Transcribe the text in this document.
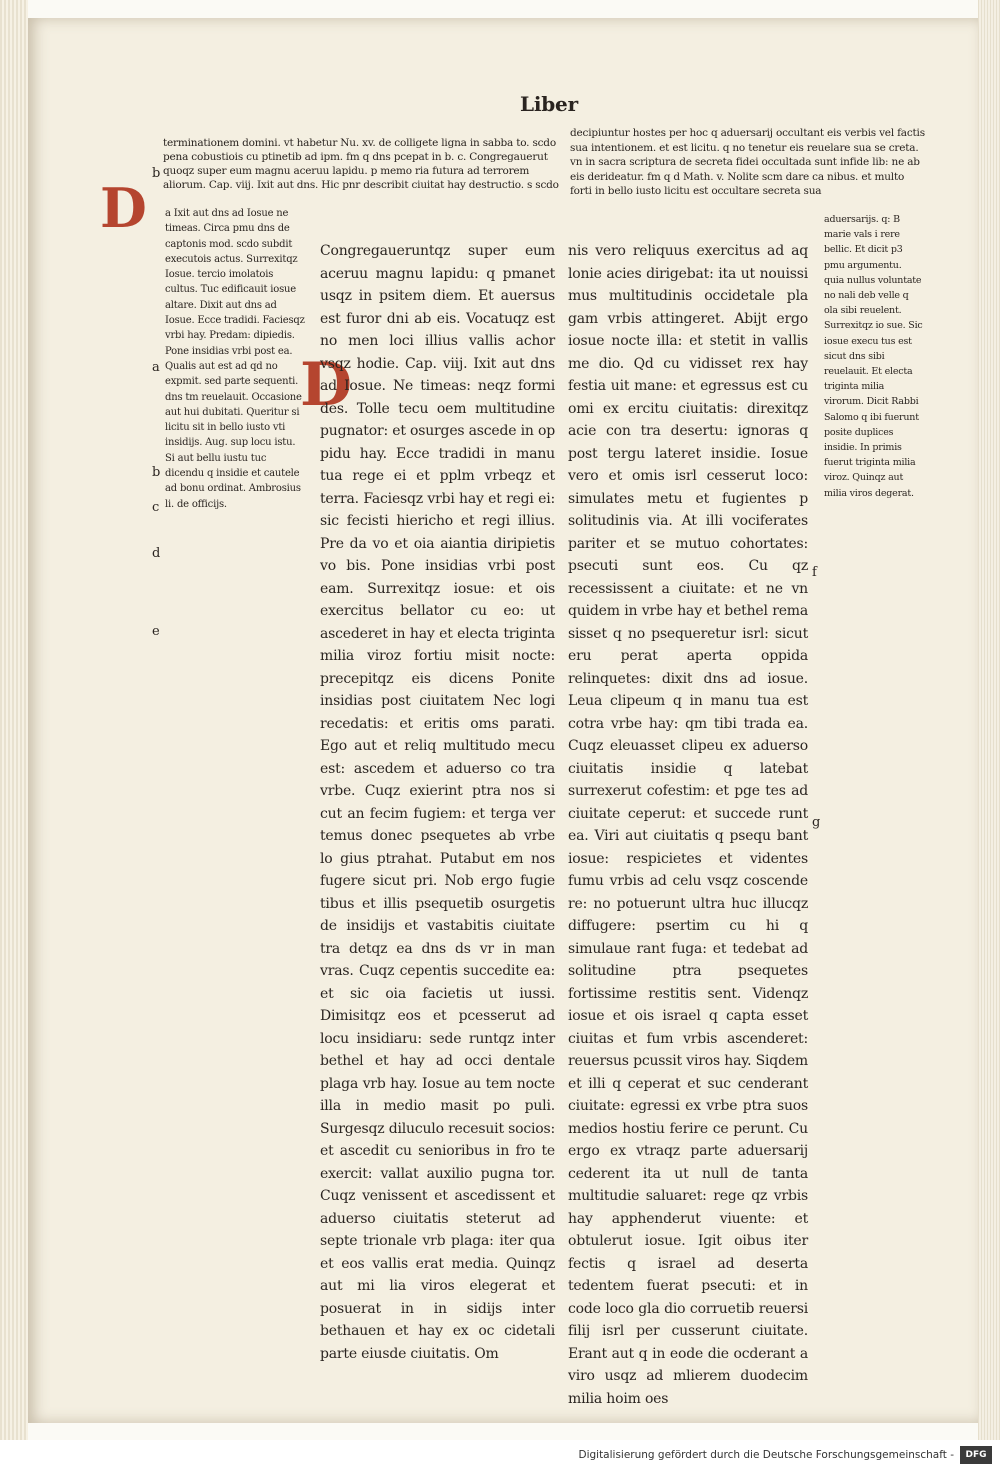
Liber
terminationem domini. vt habetur Nu. xv. de colligete ligna in sabba to. scdo pena cobustiois cu ptinetib ad ipm. fm q dns pcepat in b. c. Congregauerut quoqz super eum magnu aceruu lapidu. p memo ria futura ad terrorem aliorum. Cap. viij. Ixit aut dns. Hic pnr describit ciuitat hay destructio. s scdo
decipiuntur hostes per hoc q aduersarij occultant eis verbis vel factis sua intentionem. et est licitu. q no tenetur eis reuelare sua se creta. vn in sacra scriptura de secreta fidei occultada sunt infide lib: ne ab eis derideatur. fm q d Math. v. Nolite scm dare ca nibus. et multo forti in bello iusto licitu est occultare secreta sua
D a Ixit aut dns ad Iosue ne timeas. Circa pmu dns de captonis mod. scdo subdit executois actus. Surrexitqz Iosue. tercio imolatois cultus. Tuc edificauit iosue altare. Dixit aut dns ad Iosue. Ecce tradidi. Faciesqz vrbi hay. Predam: dipiedis. Pone insidias vrbi post ea. Qualis aut est ad qd no expmit. sed parte sequenti. dns tm reuelauit. Occasione aut hui dubitati. Queritur si licitu sit in bello iusto vti insidijs. Aug. sup locu istu. Si aut bellu iustu tuc dicendu q insidie et cautele ad bonu ordinat. Ambrosius li. de officijs.
D
Congregaueruntqz super eum aceruu magnu lapidu: q pmanet usqz in psitem diem. Et auersus est furor dni ab eis. Vocatuqz est no men loci illius vallis achor vsqz hodie. Cap. viij. Ixit aut dns ad Iosue. Ne timeas: neqz formi des. Tolle tecu oem multitudine pugnator: et osurges ascede in op pidu hay. Ecce tradidi in manu tua rege ei et pplm vrbeqz et terra. Faciesqz vrbi hay et regi ei: sic fecisti hiericho et regi illius. Pre da vo et oia aiantia diripietis vo bis. Pone insidias vrbi post eam. Surrexitqz iosue: et ois exercitus bellator cu eo: ut ascederet in hay et electa triginta milia viroz fortiu misit nocte: precepitqz eis dicens Ponite insidias post ciuitatem Nec logi recedatis: et eritis oms parati. Ego aut et reliq multitudo mecu est: ascedem et aduerso co tra vrbe. Cuqz exierint ptra nos si cut an fecim fugiem: et terga ver temus donec psequetes ab vrbe lo gius ptrahat. Putabut em nos fugere sicut pri. Nob ergo fugie tibus et illis psequetib osurgetis de insidijs et vastabitis ciuitate tra detqz ea dns ds vr in man vras. Cuqz cepentis succedite ea: et sic oia facietis ut iussi. Dimisitqz eos et pcesserut ad locu insidiaru: sede runtqz inter bethel et hay ad occi dentale plaga vrb hay. Iosue au tem nocte illa in medio masit po puli. Surgesqz diluculo recesuit socios: et ascedit cu senioribus in fro te exercit: vallat auxilio pugna tor. Cuqz venissent et ascedissent et aduerso ciuitatis steterut ad septe trionale vrb plaga: iter qua et eos vallis erat media. Quinqz aut mi lia viros elegerat et posuerat in in sidijs inter bethauen et hay ex oc cidetali parte eiusde ciuitatis. Om
nis vero reliquus exercitus ad aq lonie acies dirigebat: ita ut nouissi mus multitudinis occidetale pla gam vrbis attingeret. Abijt ergo iosue nocte illa: et stetit in vallis me dio. Qd cu vidisset rex hay festia uit mane: et egressus est cu omi ex ercitu ciuitatis: direxitqz acie con tra desertu: ignoras q post tergu lateret insidie. Iosue vero et omis isrl cesserut loco: simulates metu et fugientes p solitudinis via. At illi vociferates pariter et se mutuo cohortates: psecuti sunt eos. Cu qz recessissent a ciuitate: et ne vn quidem in vrbe hay et bethel rema sisset q no psequeretur isrl: sicut eru perat aperta oppida relinquetes: dixit dns ad iosue. Leua clipeum q in manu tua est cotra vrbe hay: qm tibi trada ea. Cuqz eleuasset clipeu ex aduerso ciuitatis insidie q latebat surrexerut cofestim: et pge tes ad ciuitate ceperut: et succede runt ea. Viri aut ciuitatis q psequ bant iosue: respicietes et videntes fumu vrbis ad celu vsqz coscende re: no potuerunt ultra huc illucqz diffugere: psertim cu hi q simulaue rant fuga: et tedebat ad solitudine ptra psequetes fortissime restitis sent. Videnqz iosue et ois israel q capta esset ciuitas et fum vrbis ascenderet: reuersus pcussit viros hay. Siqdem et illi q ceperat et suc cenderant ciuitate: egressi ex vrbe ptra suos medios hostiu ferire ce perunt. Cu ergo ex vtraqz parte aduersarij cederent ita ut null de tanta multitudie saluaret: rege qz vrbis hay apphenderut viuente: et obtulerut iosue. Igit oibus iter fectis q israel ad deserta tedentem fuerat psecuti: et in code loco gla dio corruetib reuersi filij isrl per cusserunt ciuitate. Erant aut q in eode die ocderant a viro usqz ad mlierem duodecim milia hoim oes
aduersarijs. q: B marie vals i rere bellic. Et dicit p3 pmu argumentu. quia nullus voluntate no nali deb velle q ola sibi reuelent. Surrexitqz io sue. Sic iosue execu tus est sicut dns sibi reuelauit. Et electa triginta milia virorum. Dicit Rabbi Salomo q ibi fuerunt posite duplices insidie. In primis fuerut triginta milia viroz. Quinqz aut milia viros degerat.
b
a
b
c
d
e
f
g
Digitalisierung gefördert durch die Deutsche Forschungsgemeinschaft -	DFG
